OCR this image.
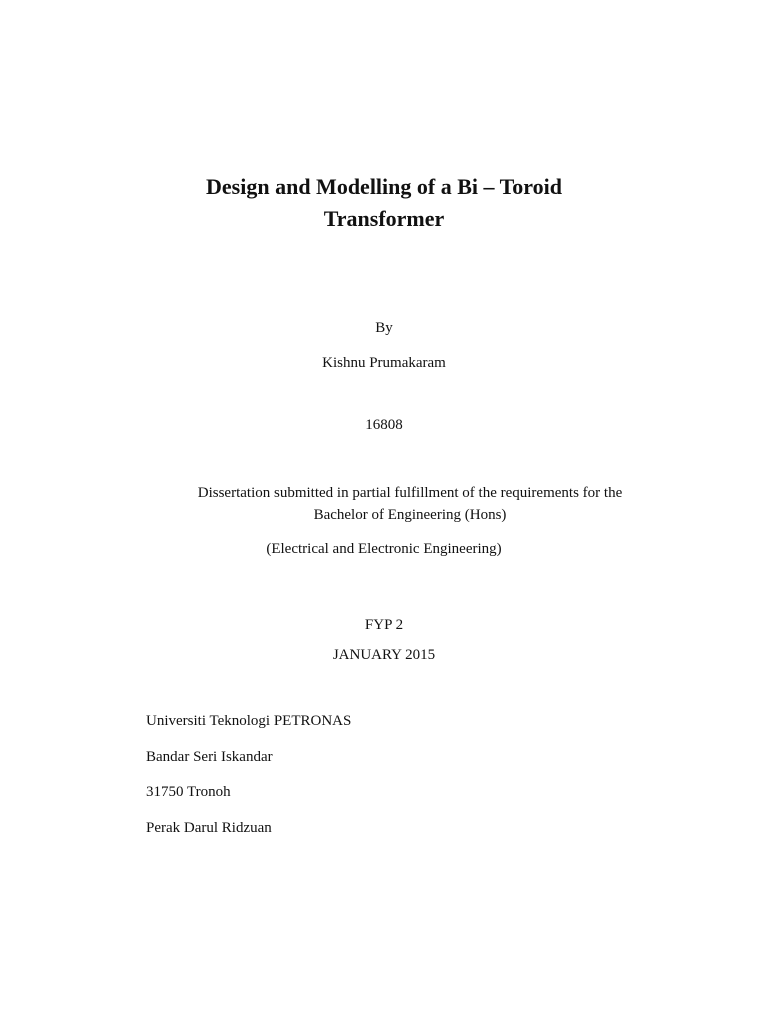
Design and Modelling of a Bi – Toroid
Transformer
By
Kishnu Prumakaram
16808
Dissertation submitted in partial fulfillment of the requirements for the
Bachelor of Engineering (Hons)
(Electrical and Electronic Engineering)
FYP 2
JANUARY 2015
Universiti Teknologi PETRONAS
Bandar Seri Iskandar
31750 Tronoh
Perak Darul Ridzuan
